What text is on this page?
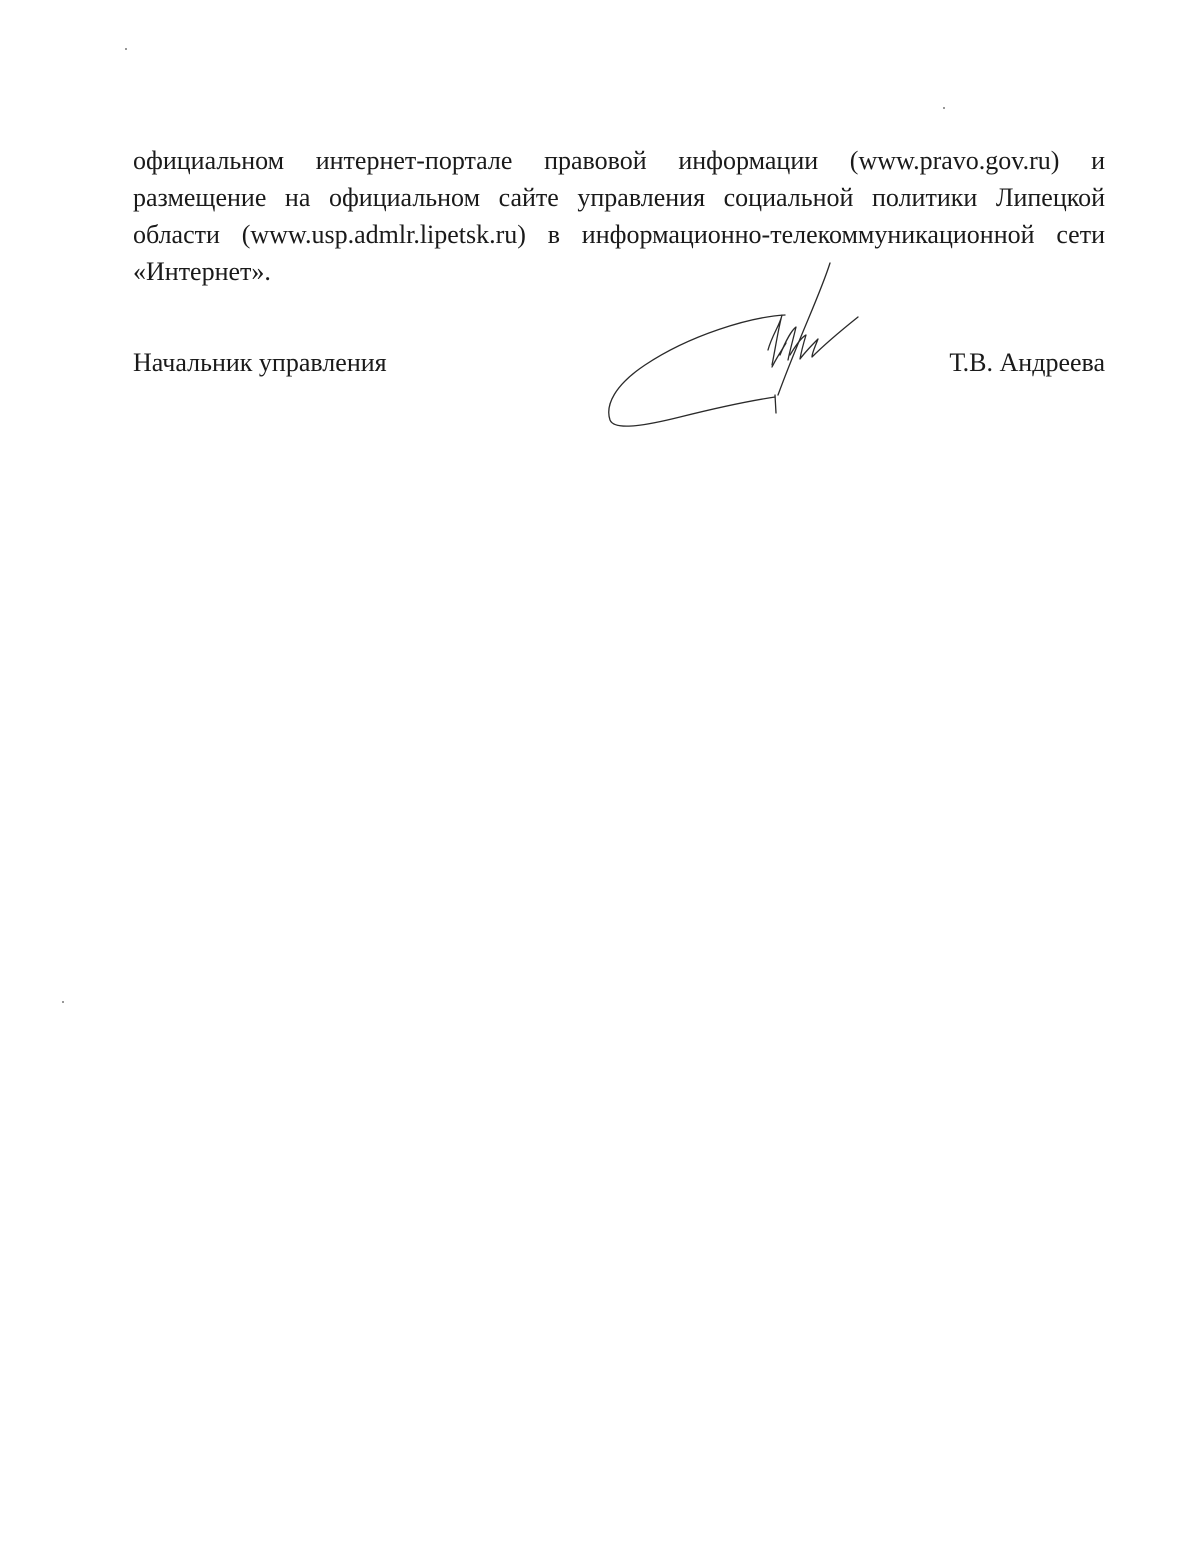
официальном интернет-портале правовой информации (www.pravo.gov.ru) и
размещение на официальном сайте управления социальной политики Липецкой
области (www.usp.admlr.lipetsk.ru) в информационно-телекоммуникационной сети
«Интернет».
Начальник управления	Т.В. Андреева
